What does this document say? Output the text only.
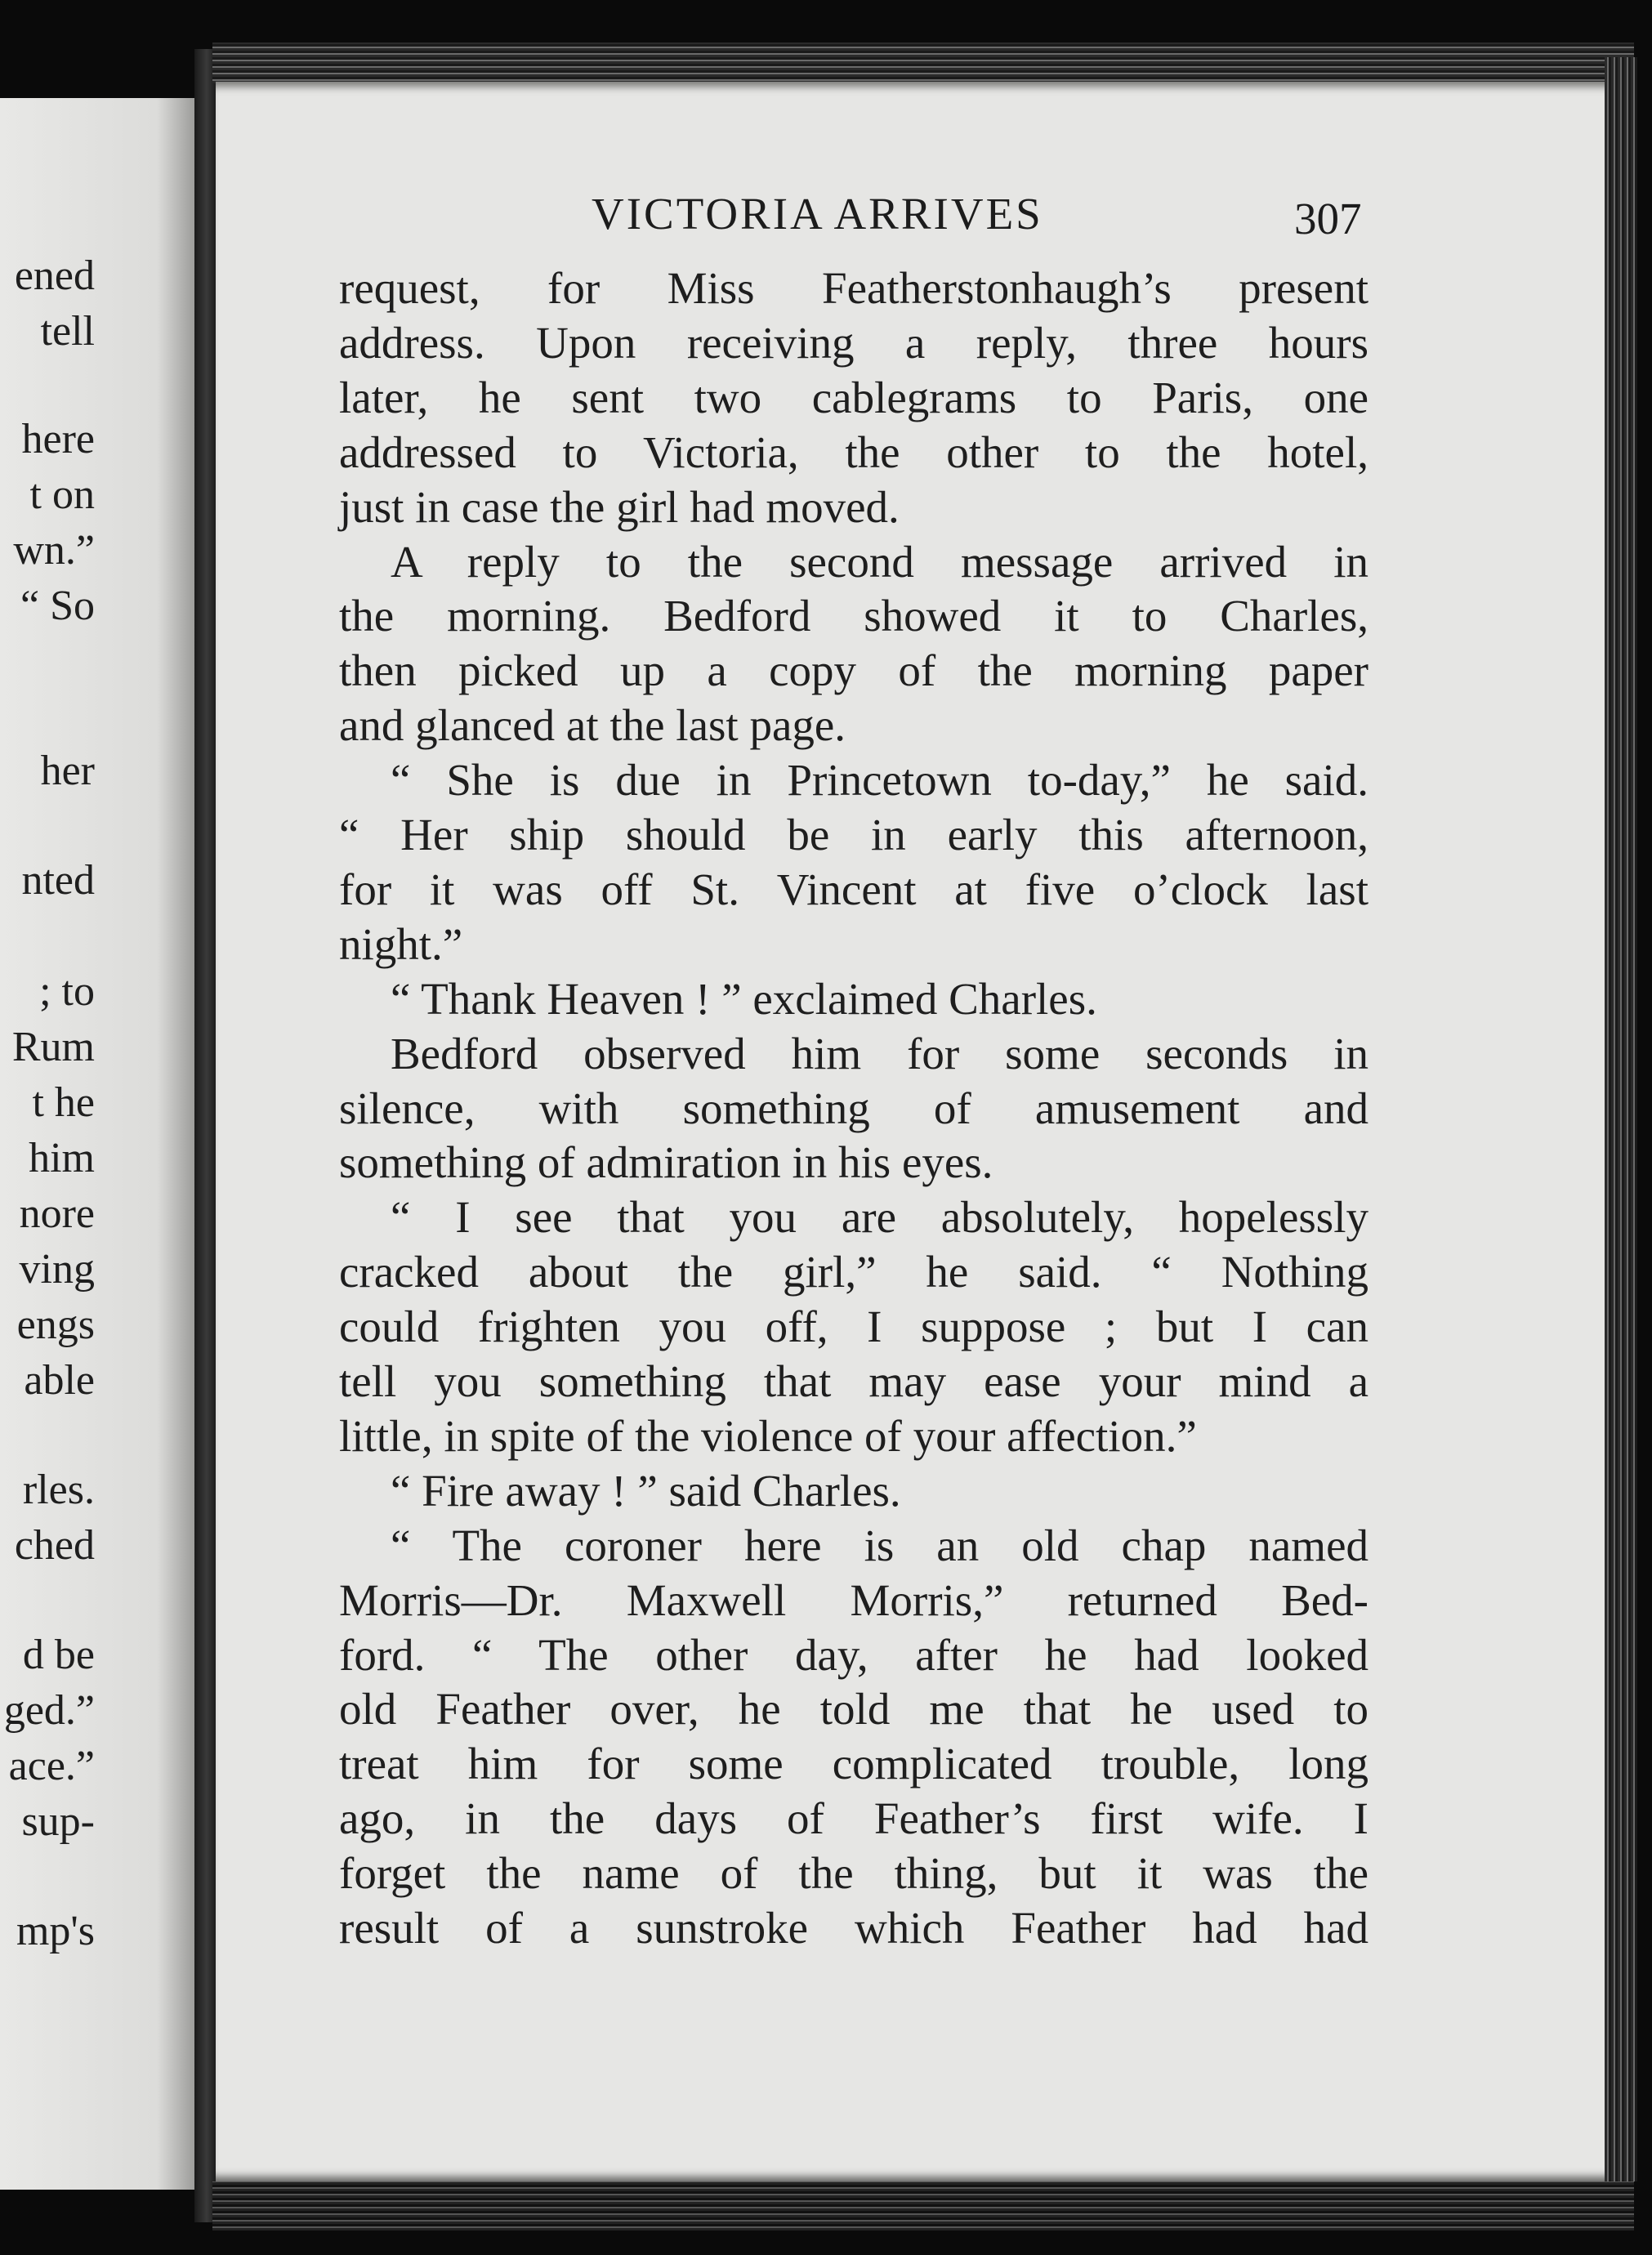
ened
tell
here
t on
wn.”
“ So
her
nted
; to
Rum
t he
him
nore
ving
engs
able
rles.
ched
d be
ged.”
ace.”
sup-
mp's
VICTORIA ARRIVES	307
request, for Miss Featherstonhaugh’s present
address. Upon receiving a reply, three hours
later, he sent two cablegrams to Paris, one
addressed to Victoria, the other to the hotel,
just in case the girl had moved.
A reply to the second message arrived in
the morning. Bedford showed it to Charles,
then picked up a copy of the morning paper
and glanced at the last page.
“ She is due in Princetown to-day,” he said.
“ Her ship should be in early this afternoon,
for it was off St. Vincent at five o’clock last
night.”
“ Thank Heaven ! ” exclaimed Charles.
Bedford observed him for some seconds in
silence, with something of amusement and
something of admiration in his eyes.
“ I see that you are absolutely, hopelessly
cracked about the girl,” he said. “ Nothing
could frighten you off, I suppose ; but I can
tell you something that may ease your mind a
little, in spite of the violence of your affection.”
“ Fire away ! ” said Charles.
“ The coroner here is an old chap named
Morris—Dr. Maxwell Morris,” returned Bed-
ford. “ The other day, after he had looked
old Feather over, he told me that he used to
treat him for some complicated trouble, long
ago, in the days of Feather’s first wife. I
forget the name of the thing, but it was the
result of a sunstroke which Feather had had
